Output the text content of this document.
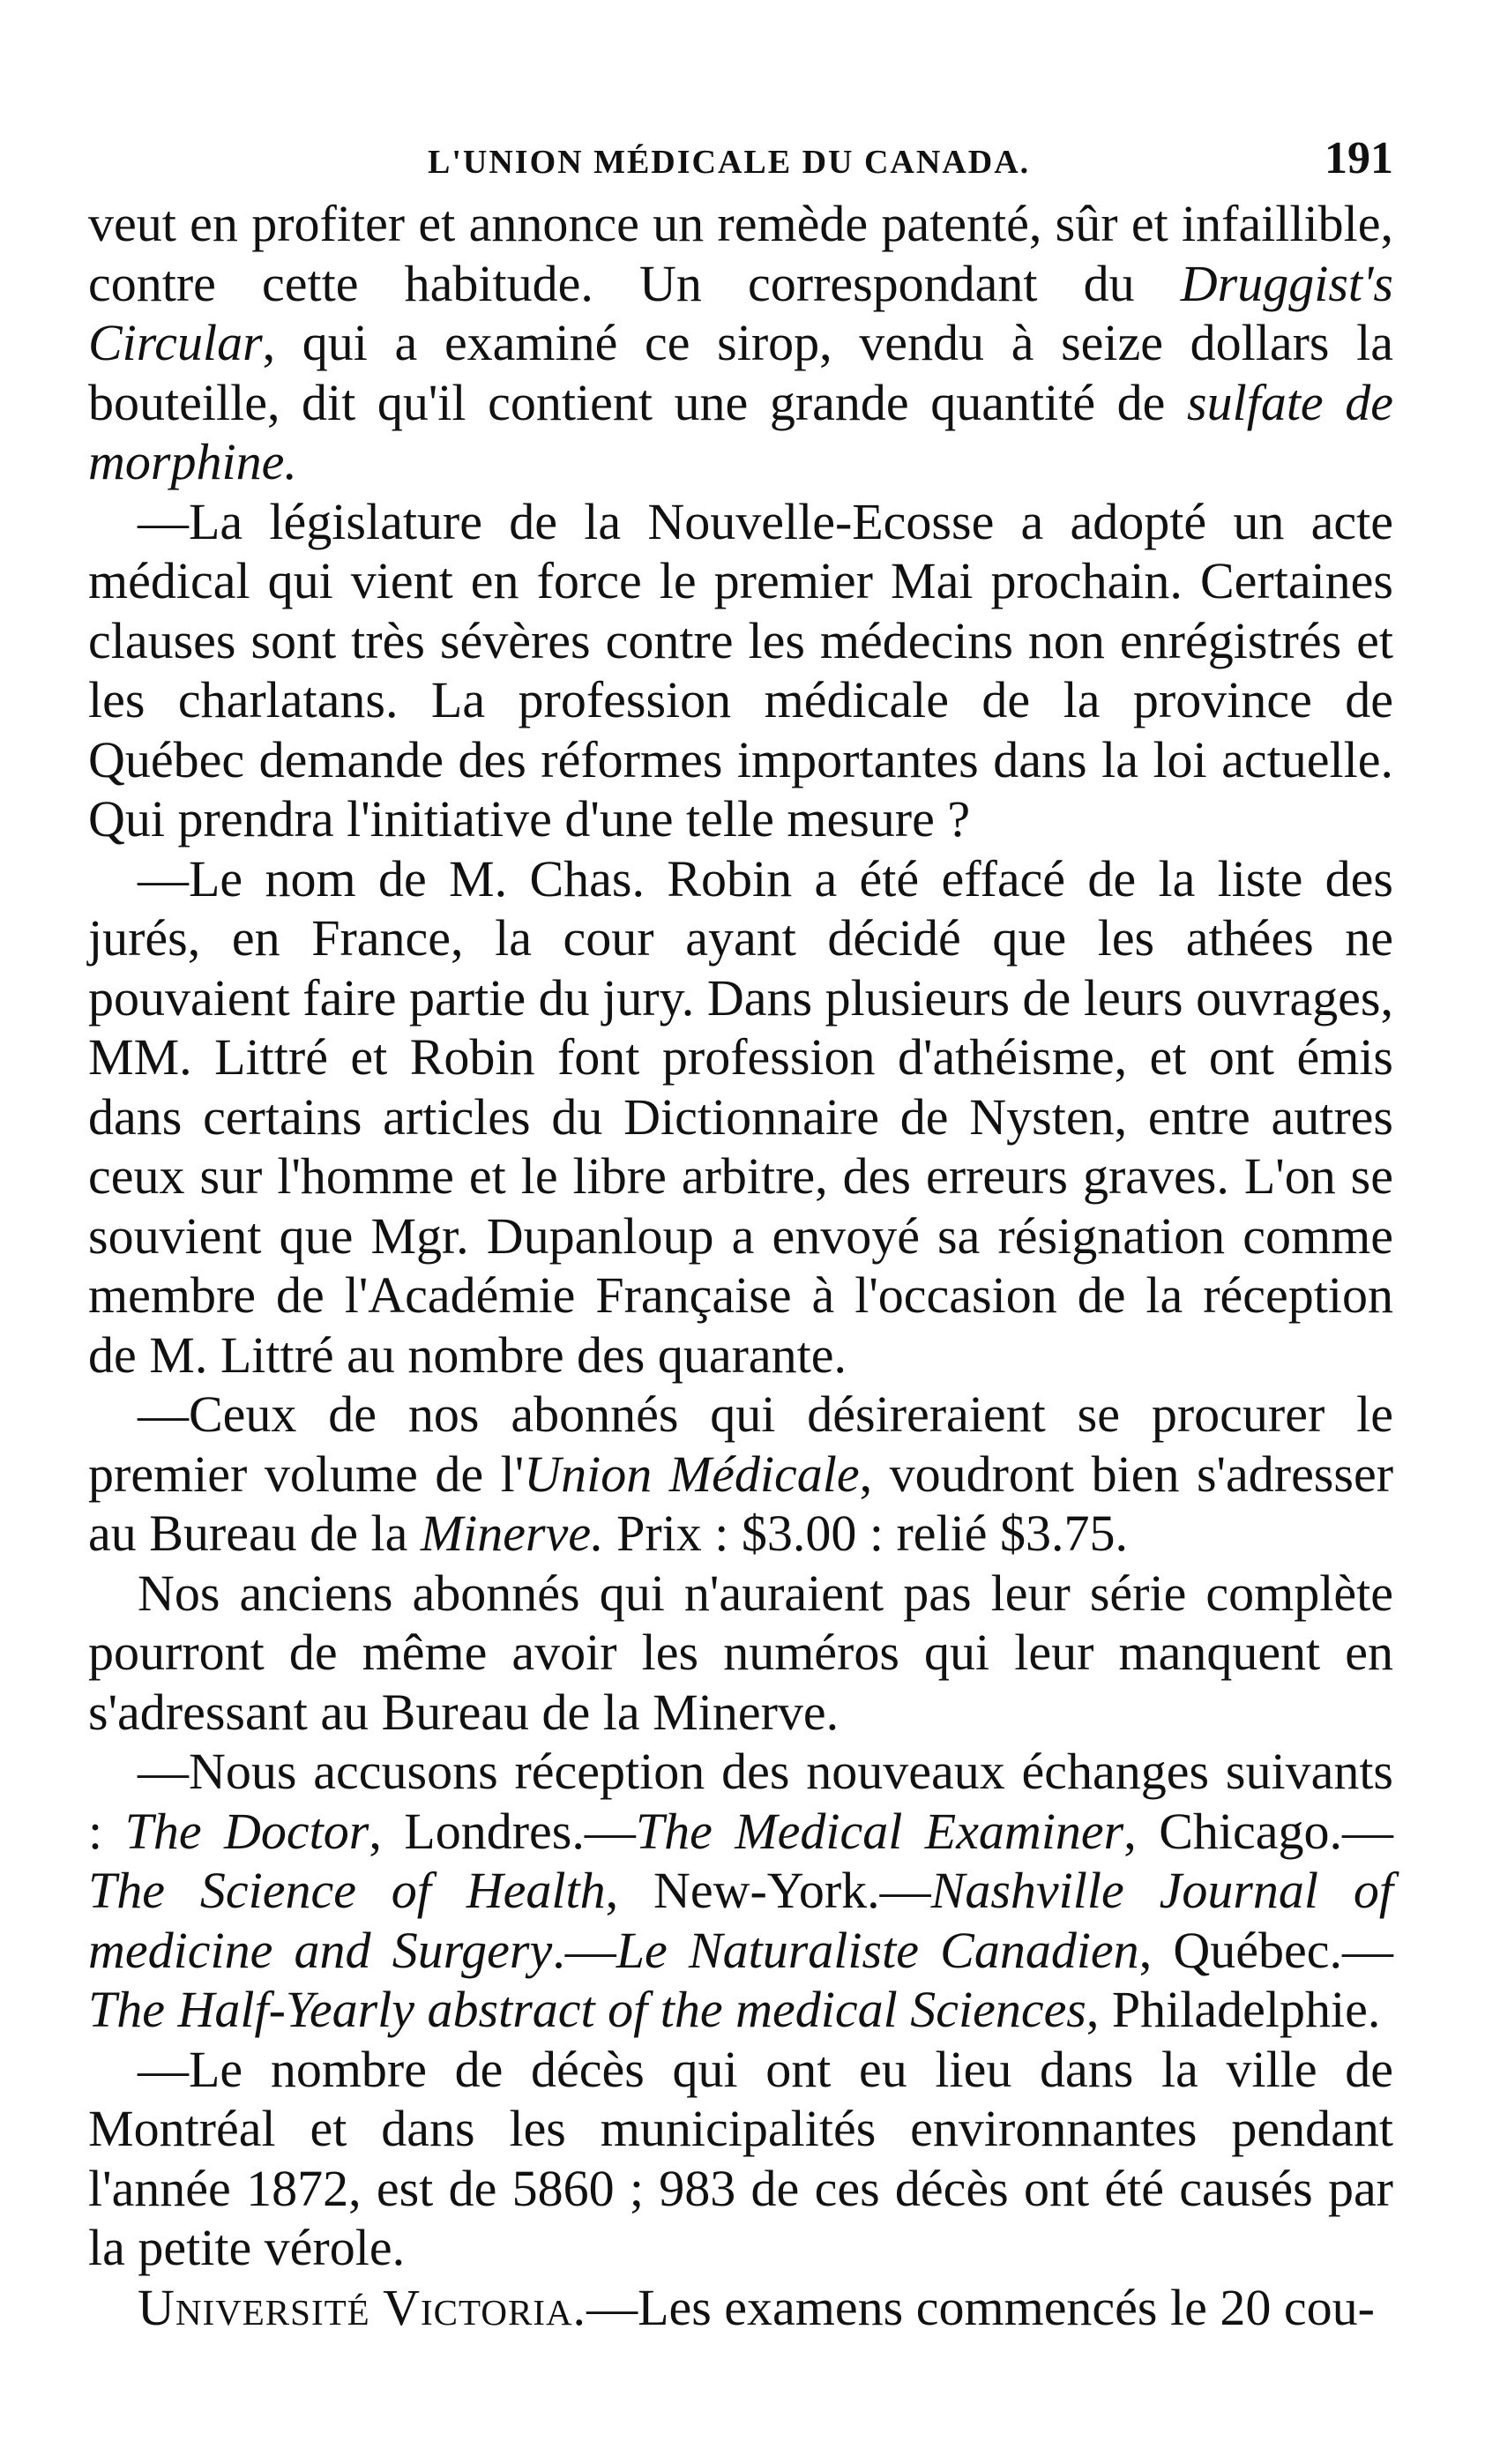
L'UNION MÉDICALE DU CANADA.	191

veut en profiter et annonce un remède patenté, sûr et infaillible, contre cette habitude. Un correspondant du Druggist's Circular, qui a examiné ce sirop, vendu à seize dollars la bouteille, dit qu'il contient une grande quantité de sulfate de morphine.

—La législature de la Nouvelle-Ecosse a adopté un acte médical qui vient en force le premier Mai prochain. Certaines clauses sont très sévères contre les médecins non enrégistrés et les charlatans. La profession médicale de la province de Québec demande des réformes importantes dans la loi actuelle. Qui prendra l'initiative d'une telle mesure ?

—Le nom de M. Chas. Robin a été effacé de la liste des jurés, en France, la cour ayant décidé que les athées ne pouvaient faire partie du jury. Dans plusieurs de leurs ouvrages, MM. Littré et Robin font profession d'athéisme, et ont émis dans certains articles du Dictionnaire de Nysten, entre autres ceux sur l'homme et le libre arbitre, des erreurs graves. L'on se souvient que Mgr. Dupanloup a envoyé sa résignation comme membre de l'Académie Française à l'occasion de la réception de M. Littré au nombre des quarante.

—Ceux de nos abonnés qui désireraient se procurer le premier volume de l'Union Médicale, voudront bien s'adresser au Bureau de la Minerve. Prix : $3.00 : relié $3.75.

Nos anciens abonnés qui n'auraient pas leur série complète pourront de même avoir les numéros qui leur manquent en s'adressant au Bureau de la Minerve.

—Nous accusons réception des nouveaux échanges suivants : The Doctor, Londres.—The Medical Examiner, Chicago.— The Science of Health, New-York.—Nashville Journal of medicine and Surgery.—Le Naturaliste Canadien, Québec.—The Half-Yearly abstract of the medical Sciences, Philadelphie.

—Le nombre de décès qui ont eu lieu dans la ville de Montréal et dans les municipalités environnantes pendant l'année 1872, est de 5860 ; 983 de ces décès ont été causés par la petite vérole.

Université Victoria.—Les examens commencés le 20 cou-
